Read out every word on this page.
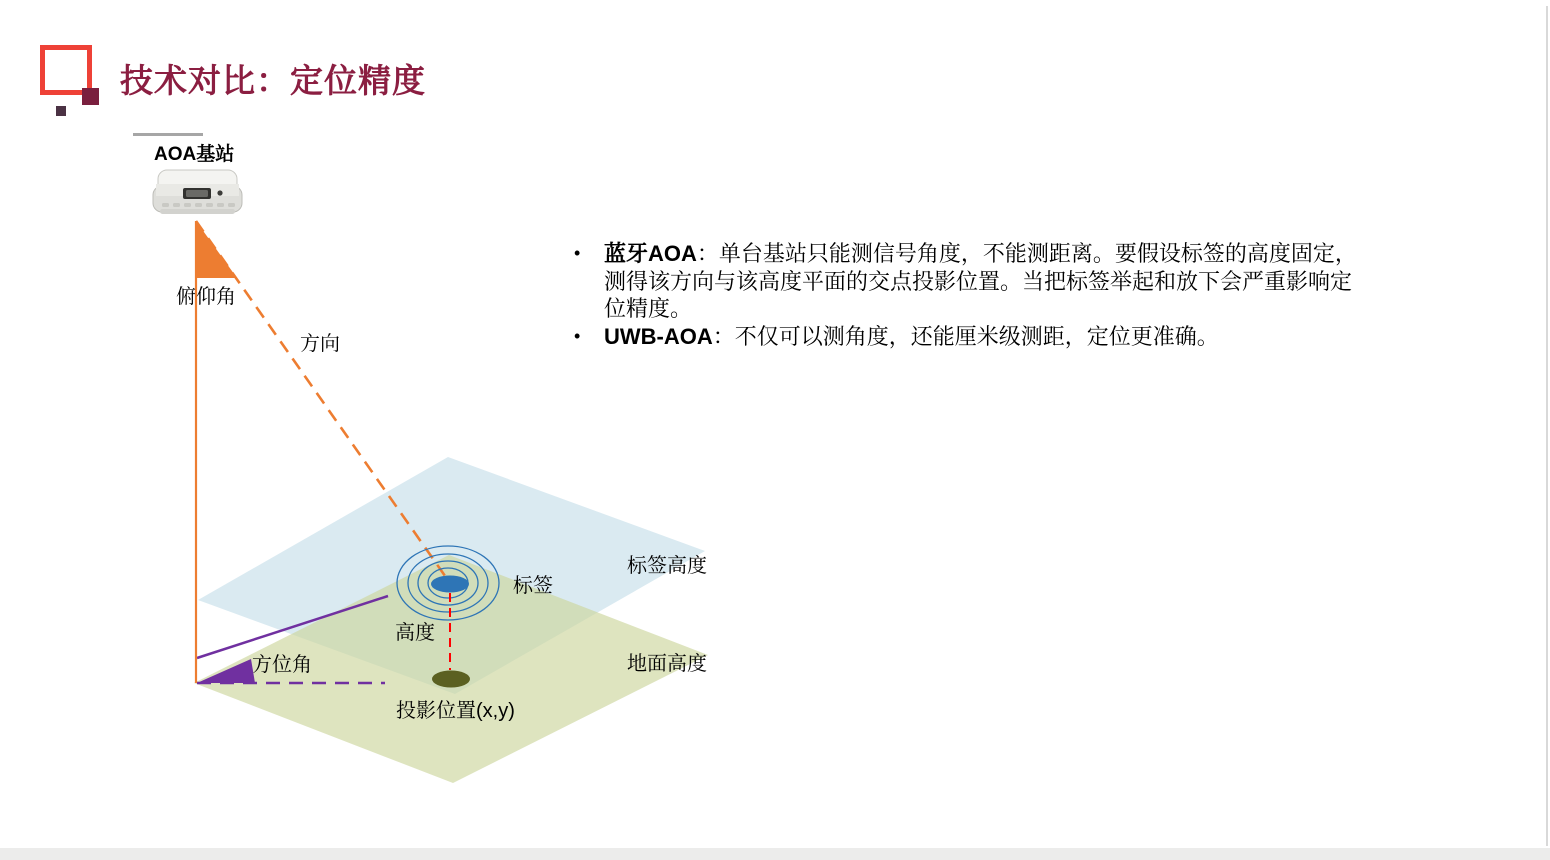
技术对比：定位精度
AOA基站
俯仰角
方向
标签
标签高度
高度
地面高度
方位角
投影位置(x,y)
• 蓝牙AOA：单台基站只能测信号角度，不能测距离。要假设标签的高度固定，测得该方向与该高度平面的交点投影位置。当把标签举起和放下会严重影响定位精度。
• UWB-AOA：不仅可以测角度，还能厘米级测距，定位更准确。
